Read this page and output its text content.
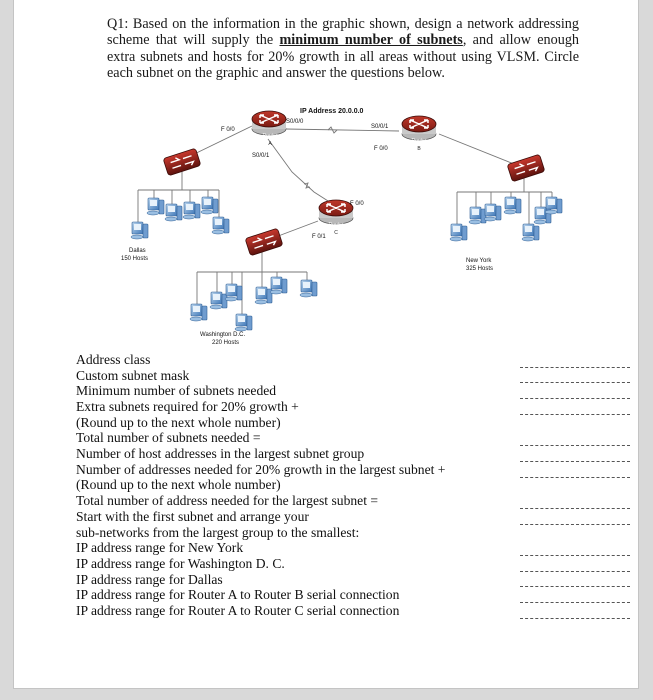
Q1: Based on the information in the graphic shown, design a network addressing scheme that will supply the minimum number of subnets, and allow enough extra subnets and hosts for 20% growth in all areas without using VLSM. Circle each subnet on the graphic and answer the questions below.
Router
A	Router
B
Router
C
IP Address 20.0.0.0
S0/0/0
F 0/0
S0/0/1
S0/0/1
F 0/0
F 0/0
F 0/1
Dallas
150 Hosts	New York
325 Hosts
Washington D.C.
220 Hosts
Address class
Custom subnet mask
Minimum number of subnets needed
Extra subnets required for 20% growth +
(Round up to the next whole number)
Total number of subnets needed =
Number of host addresses in the largest subnet group
Number of addresses needed for 20% growth in the largest subnet +
(Round up to the next whole number)
Total number of address needed for the largest subnet =
Start with the first subnet and arrange your
sub-networks from the largest group to the smallest:
IP address range for New York
IP address range for Washington D. C.
IP address range for Dallas
IP address range for Router A to Router B serial connection
IP address range for Router A to Router C serial connection
